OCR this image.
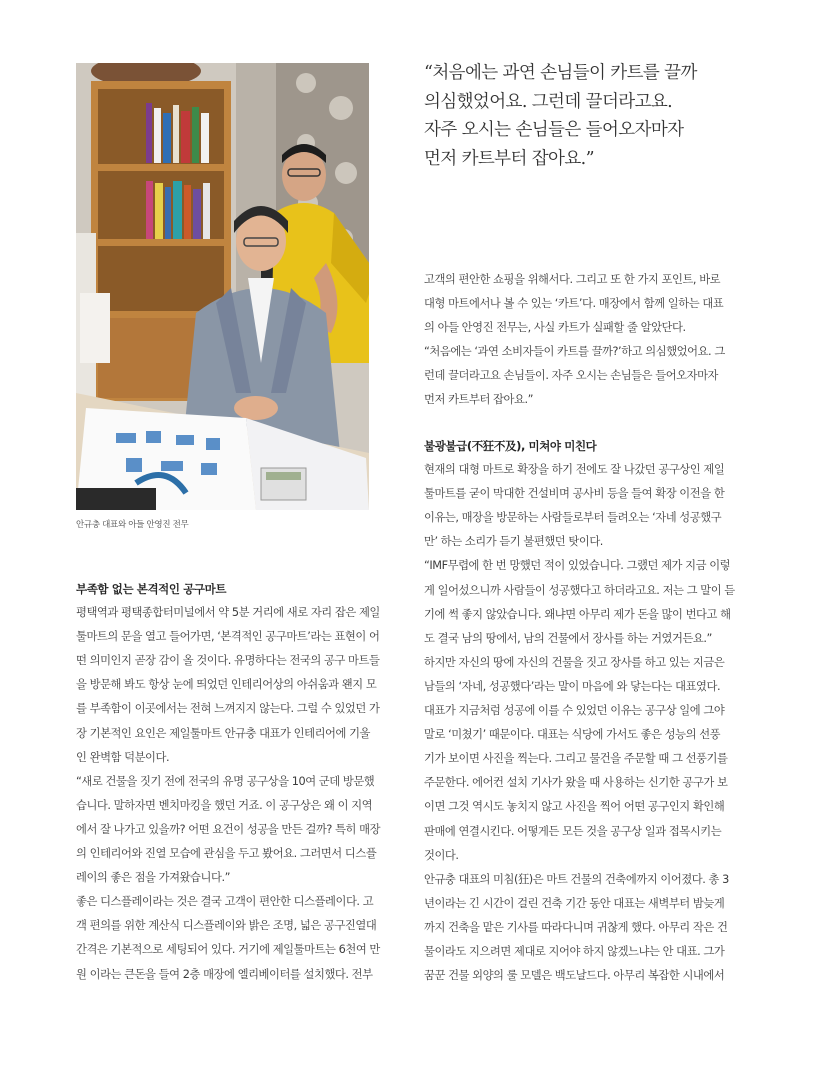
안규충 대표와 아들 안영진 전무

“처음에는 과연 손님들이 카트를 끌까

의심했었어요. 그런데 끌더라고요.

자주 오시는 손님들은 들어오자마자

먼저 카트부터 잡아요.”

부족함 없는 본격적인 공구마트

평택역과 평택종합터미널에서 약 5분 거리에 새로 자리 잡은 제일

툴마트의 문을 열고 들어가면, ‘본격적인 공구마트’라는 표현이 어

떤 의미인지 곧장 감이 올 것이다. 유명하다는 전국의 공구 마트들

을 방문해 봐도 항상 눈에 띄었던 인테리어상의 아쉬움과 왠지 모

를 부족함이 이곳에서는 전혀 느껴지지 않는다. 그럴 수 있었던 가

장 기본적인 요인은 제일툴마트 안규충 대표가 인테리어에 기울

인 완벽함 덕분이다.

“새로 건물을 짓기 전에 전국의 유명 공구상을 10여 군데 방문했

습니다. 말하자면 벤치마킹을 했던 거죠. 이 공구상은 왜 이 지역

에서 잘 나가고 있을까? 어떤 요건이 성공을 만든 걸까? 특히 매장

의 인테리어와 진열 모습에 관심을 두고 봤어요. 그러면서 디스플

레이의 좋은 점을 가져왔습니다.”

좋은 디스플레이라는 것은 결국 고객이 편안한 디스플레이다. 고

객 편의를 위한 계산식 디스플레이와 밝은 조명, 넓은 공구진열대

간격은 기본적으로 세팅되어 있다. 거기에 제일툴마트는 6천여 만

원 이라는 큰돈을 들여 2층 매장에 엘리베이터를 설치했다. 전부

고객의 편안한 쇼핑을 위해서다. 그리고 또 한 가지 포인트, 바로

대형 마트에서나 볼 수 있는 ‘카트’다. 매장에서 함께 일하는 대표

의 아들 안영진 전무는, 사실 카트가 실패할 줄 알았단다.

“처음에는 ‘과연 소비자들이 카트를 끌까?’하고 의심했었어요. 그

런데 끌더라고요 손님들이. 자주 오시는 손님들은 들어오자마자

먼저 카트부터 잡아요.”

불광불급(不狂不及), 미쳐야 미친다

현재의 대형 마트로 확장을 하기 전에도 잘 나갔던 공구상인 제일

툴마트를 굳이 막대한 건설비며 공사비 등을 들여 확장 이전을 한

이유는, 매장을 방문하는 사람들로부터 들려오는 ‘자네 성공했구

만’ 하는 소리가 듣기 불편했던 탓이다.

“IMF무렵에 한 번 망했던 적이 있었습니다. 그랬던 제가 지금 이렇

게 일어섰으니까 사람들이 성공했다고 하더라고요. 저는 그 말이 듣

기에 썩 좋지 않았습니다. 왜냐면 아무리 제가 돈을 많이 번다고 해

도 결국 남의 땅에서, 남의 건물에서 장사를 하는 거였거든요.”

하지만 자신의 땅에 자신의 건물을 짓고 장사를 하고 있는 지금은

남들의 ‘자네, 성공했다’라는 말이 마음에 와 닿는다는 대표였다.

대표가 지금처럼 성공에 이를 수 있었던 이유는 공구상 일에 그야

말로 ‘미쳤기’ 때문이다. 대표는 식당에 가서도 좋은 성능의 선풍

기가 보이면 사진을 찍는다. 그리고 물건을 주문할 때 그 선풍기를

주문한다. 에어컨 설치 기사가 왔을 때 사용하는 신기한 공구가 보

이면 그것 역시도 놓치지 않고 사진을 찍어 어떤 공구인지 확인해

판매에 연결시킨다. 어떻게든 모든 것을 공구상 일과 접목시키는

것이다.

안규충 대표의 미침(狂)은 마트 건물의 건축에까지 이어졌다. 총 3

년이라는 긴 시간이 걸린 건축 기간 동안 대표는 새벽부터 밤늦게

까지 건축을 맡은 기사를 따라다니며 귀찮게 했다. 아무리 작은 건

물이라도 지으려면 제대로 지어야 하지 않겠느냐는 안 대표. 그가

꿈꾼 건물 외양의 룰 모델은 백도날드다. 아무리 복잡한 시내에서
